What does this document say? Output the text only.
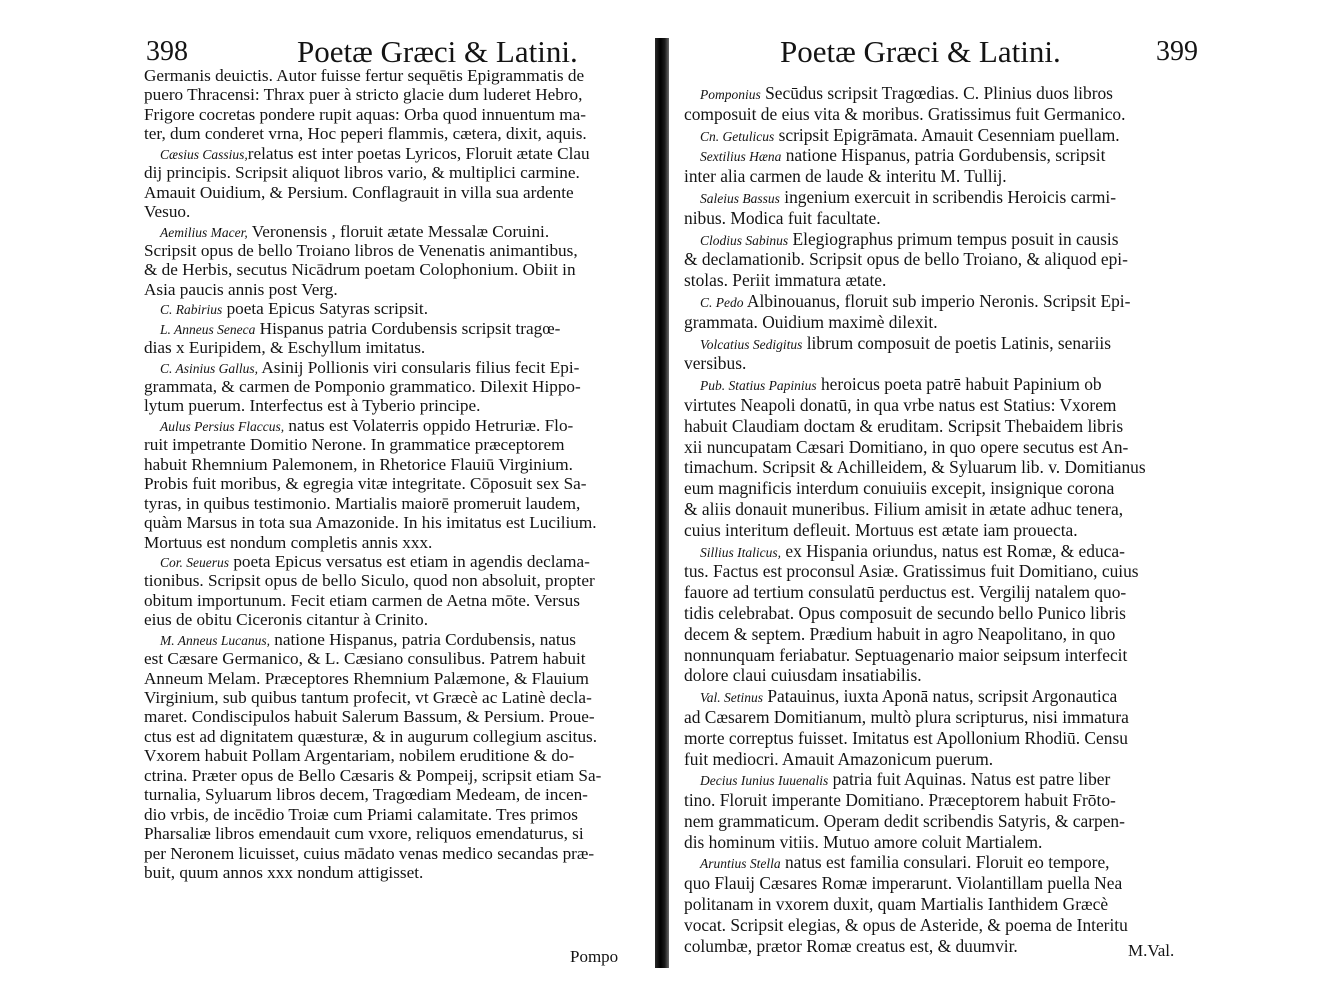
398	Poetæ Græci & Latini.
Germanis deuictis. Autor fuisse fertur sequētis Epigrammatis de
puero Thracensi: Thrax puer à stricto glacie dum luderet Hebro,
Frigore cocretas pondere rupit aquas: Orba quod innuentum ma-
ter, dum conderet vrna, Hoc peperi flammis, cætera, dixit, aquis.
Cæsius Cassius,relatus est inter poetas Lyricos, Floruit ætate Clau
dij principis. Scripsit aliquot libros vario, & multiplici carmine.
Amauit Ouidium, & Persium. Conflagrauit in villa sua ardente
Vesuo.
Aemilius Macer, Veronensis , floruit ætate Messalæ Coruini.
Scripsit opus de bello Troiano libros de Venenatis animantibus,
& de Herbis, secutus Nicādrum poetam Colophonium. Obiit in
Asia paucis annis post Verg.
C. Rabirius poeta Epicus Satyras scripsit.
L. Anneus Seneca Hispanus patria Cordubensis scripsit tragœ-
dias x Euripidem, & Eschyllum imitatus.
C. Asinius Gallus, Asinij Pollionis viri consularis filius fecit Epi-
grammata, & carmen de Pomponio grammatico. Dilexit Hippo-
lytum puerum. Interfectus est à Tyberio principe.
Aulus Persius Flaccus, natus est Volaterris oppido Hetruriæ. Flo-
ruit impetrante Domitio Nerone. In grammatice præceptorem
habuit Rhemnium Palemonem, in Rhetorice Flauiū Virginium.
Probis fuit moribus, & egregia vitæ integritate. Cōposuit sex Sa-
tyras, in quibus testimonio. Martialis maiorē promeruit laudem,
quàm Marsus in tota sua Amazonide. In his imitatus est Lucilium.
Mortuus est nondum completis annis xxx.
Cor. Seuerus poeta Epicus versatus est etiam in agendis declama-
tionibus. Scripsit opus de bello Siculo, quod non absoluit, propter
obitum importunum. Fecit etiam carmen de Aetna mōte. Versus
eius de obitu Ciceronis citantur à Crinito.
M. Anneus Lucanus, natione Hispanus, patria Cordubensis, natus
est Cæsare Germanico, & L. Cæsiano consulibus. Patrem habuit
Anneum Melam. Præceptores Rhemnium Palæmone, & Flauium
Virginium, sub quibus tantum profecit, vt Græcè ac Latinè decla-
maret. Condiscipulos habuit Salerum Bassum, & Persium. Proue-
ctus est ad dignitatem quæsturæ, & in augurum collegium ascitus.
Vxorem habuit Pollam Argentariam, nobilem eruditione & do-
ctrina. Præter opus de Bello Cæsaris & Pompeij, scripsit etiam Sa-
turnalia, Syluarum libros decem, Tragœdiam Medeam, de incen-
dio vrbis, de incēdio Troiæ cum Priami calamitate. Tres primos
Pharsaliæ libros emendauit cum vxore, reliquos emendaturus, si
per Neronem licuisset, cuius mādato venas medico secandas præ-
buit, quum annos xxx nondum attigisset.
Pompo
Poetæ Græci & Latini.	399
Pomponius Secūdus scripsit Tragœdias. C. Plinius duos libros
composuit de eius vita & moribus. Gratissimus fuit Germanico.
Cn. Getulicus scripsit Epigrāmata. Amauit Cesenniam puellam.
Sextilius Hæna natione Hispanus, patria Gordubensis, scripsit
inter alia carmen de laude & interitu M. Tullij.
Saleius Bassus ingenium exercuit in scribendis Heroicis carmi-
nibus. Modica fuit facultate.
Clodius Sabinus Elegiographus primum tempus posuit in causis
& declamationib. Scripsit opus de bello Troiano, & aliquod epi-
stolas. Periit immatura ætate.
C. Pedo Albinouanus, floruit sub imperio Neronis. Scripsit Epi-
grammata. Ouidium maximè dilexit.
Volcatius Sedigitus librum composuit de poetis Latinis, senariis
versibus.
Pub. Statius Papinius heroicus poeta patrē habuit Papinium ob
virtutes Neapoli donatū, in qua vrbe natus est Statius: Vxorem
habuit Claudiam doctam & eruditam. Scripsit Thebaidem libris
xii nuncupatam Cæsari Domitiano, in quo opere secutus est An-
timachum. Scripsit & Achilleidem, & Syluarum lib. v. Domitianus
eum magnificis interdum conuiuiis excepit, insignique corona
& aliis donauit muneribus. Filium amisit in ætate adhuc tenera,
cuius interitum defleuit. Mortuus est ætate iam prouecta.
Sillius Italicus, ex Hispania oriundus, natus est Romæ, & educa-
tus. Factus est proconsul Asiæ. Gratissimus fuit Domitiano, cuius
fauore ad tertium consulatū perductus est. Vergilij natalem quo-
tidis celebrabat. Opus composuit de secundo bello Punico libris
decem & septem. Prædium habuit in agro Neapolitano, in quo
nonnunquam feriabatur. Septuagenario maior seipsum interfecit
dolore claui cuiusdam insatiabilis.
Val. Setinus Patauinus, iuxta Aponā natus, scripsit Argonautica
ad Cæsarem Domitianum, multò plura scripturus, nisi immatura
morte correptus fuisset. Imitatus est Apollonium Rhodiū. Censu
fuit mediocri. Amauit Amazonicum puerum.
Decius Iunius Iuuenalis patria fuit Aquinas. Natus est patre liber
tino. Floruit imperante Domitiano. Præceptorem habuit Frōto-
nem grammaticum. Operam dedit scribendis Satyris, & carpen-
dis hominum vitiis. Mutuo amore coluit Martialem.
Aruntius Stella natus est familia consulari. Floruit eo tempore,
quo Flauij Cæsares Romæ imperarunt. Violantillam puella Nea
politanam in vxorem duxit, quam Martialis Ianthidem Græcè
vocat. Scripsit elegias, & opus de Asteride, & poema de Interitu
columbæ, prætor Romæ creatus est, & duumvir.	M.Val.
